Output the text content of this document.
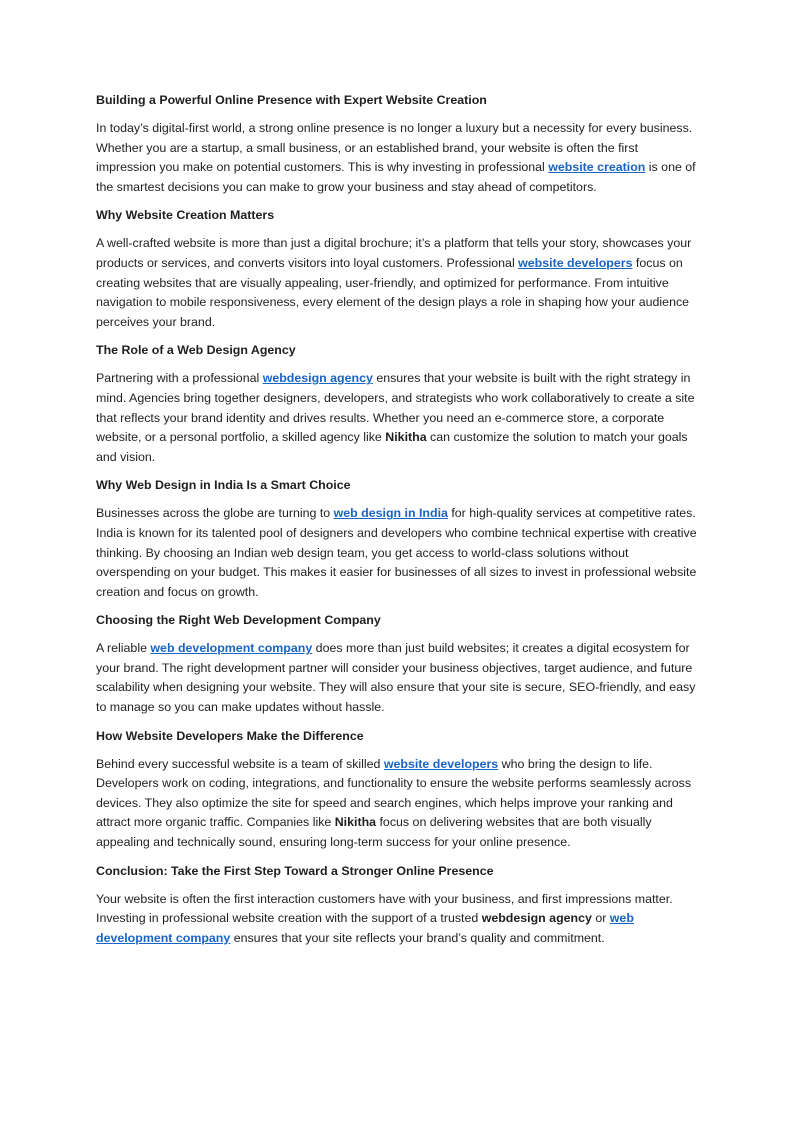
Building a Powerful Online Presence with Expert Website Creation

In today’s digital-first world, a strong online presence is no longer a luxury but a necessity for every business. Whether you are a startup, a small business, or an established brand, your website is often the first impression you make on potential customers. This is why investing in professional website creation is one of the smartest decisions you can make to grow your business and stay ahead of competitors.

Why Website Creation Matters

A well-crafted website is more than just a digital brochure; it’s a platform that tells your story, showcases your products or services, and converts visitors into loyal customers. Professional website developers focus on creating websites that are visually appealing, user-friendly, and optimized for performance. From intuitive navigation to mobile responsiveness, every element of the design plays a role in shaping how your audience perceives your brand.

The Role of a Web Design Agency

Partnering with a professional webdesign agency ensures that your website is built with the right strategy in mind. Agencies bring together designers, developers, and strategists who work collaboratively to create a site that reflects your brand identity and drives results. Whether you need an e-commerce store, a corporate website, or a personal portfolio, a skilled agency like Nikitha can customize the solution to match your goals and vision.

Why Web Design in India Is a Smart Choice

Businesses across the globe are turning to web design in India for high-quality services at competitive rates. India is known for its talented pool of designers and developers who combine technical expertise with creative thinking. By choosing an Indian web design team, you get access to world-class solutions without overspending on your budget. This makes it easier for businesses of all sizes to invest in professional website creation and focus on growth.

Choosing the Right Web Development Company

A reliable web development company does more than just build websites; it creates a digital ecosystem for your brand. The right development partner will consider your business objectives, target audience, and future scalability when designing your website. They will also ensure that your site is secure, SEO-friendly, and easy to manage so you can make updates without hassle.

How Website Developers Make the Difference

Behind every successful website is a team of skilled website developers who bring the design to life. Developers work on coding, integrations, and functionality to ensure the website performs seamlessly across devices. They also optimize the site for speed and search engines, which helps improve your ranking and attract more organic traffic. Companies like Nikitha focus on delivering websites that are both visually appealing and technically sound, ensuring long-term success for your online presence.

Conclusion: Take the First Step Toward a Stronger Online Presence

Your website is often the first interaction customers have with your business, and first impressions matter. Investing in professional website creation with the support of a trusted webdesign agency or web development company ensures that your site reflects your brand’s quality and commitment.
